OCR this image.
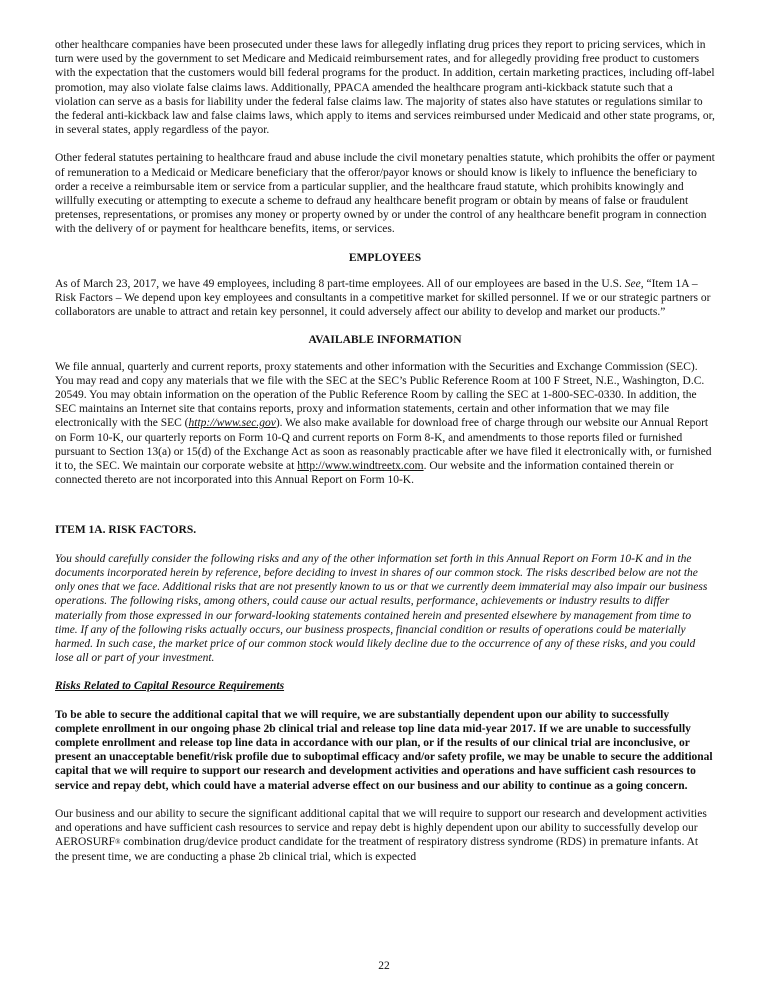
other healthcare companies have been prosecuted under these laws for allegedly inflating drug prices they report to pricing services, which in turn were used by the government to set Medicare and Medicaid reimbursement rates, and for allegedly providing free product to customers with the expectation that the customers would bill federal programs for the product. In addition, certain marketing practices, including off-label promotion, may also violate false claims laws. Additionally, PPACA amended the healthcare program anti-kickback statute such that a violation can serve as a basis for liability under the federal false claims law. The majority of states also have statutes or regulations similar to the federal anti-kickback law and false claims laws, which apply to items and services reimbursed under Medicaid and other state programs, or, in several states, apply regardless of the payor.

Other federal statutes pertaining to healthcare fraud and abuse include the civil monetary penalties statute, which prohibits the offer or payment of remuneration to a Medicaid or Medicare beneficiary that the offeror/payor knows or should know is likely to influence the beneficiary to order a receive a reimbursable item or service from a particular supplier, and the healthcare fraud statute, which prohibits knowingly and willfully executing or attempting to execute a scheme to defraud any healthcare benefit program or obtain by means of false or fraudulent pretenses, representations, or promises any money or property owned by or under the control of any healthcare benefit program in connection with the delivery of or payment for healthcare benefits, items, or services.

EMPLOYEES

As of March 23, 2017, we have 49 employees, including 8 part-time employees. All of our employees are based in the U.S. See, “Item 1A – Risk Factors – We depend upon key employees and consultants in a competitive market for skilled personnel. If we or our strategic partners or collaborators are unable to attract and retain key personnel, it could adversely affect our ability to develop and market our products.”

AVAILABLE INFORMATION

We file annual, quarterly and current reports, proxy statements and other information with the Securities and Exchange Commission (SEC). You may read and copy any materials that we file with the SEC at the SEC’s Public Reference Room at 100 F Street, N.E., Washington, D.C. 20549. You may obtain information on the operation of the Public Reference Room by calling the SEC at 1-800-SEC-0330. In addition, the SEC maintains an Internet site that contains reports, proxy and information statements, certain and other information that we may file electronically with the SEC (http://www.sec.gov). We also make available for download free of charge through our website our Annual Report on Form 10-K, our quarterly reports on Form 10-Q and current reports on Form 8-K, and amendments to those reports filed or furnished pursuant to Section 13(a) or 15(d) of the Exchange Act as soon as reasonably practicable after we have filed it electronically with, or furnished it to, the SEC. We maintain our corporate website at http://www.windtreetx.com. Our website and the information contained therein or connected thereto are not incorporated into this Annual Report on Form 10-K.

ITEM 1A. RISK FACTORS.

You should carefully consider the following risks and any of the other information set forth in this Annual Report on Form 10-K and in the documents incorporated herein by reference, before deciding to invest in shares of our common stock. The risks described below are not the only ones that we face. Additional risks that are not presently known to us or that we currently deem immaterial may also impair our business operations. The following risks, among others, could cause our actual results, performance, achievements or industry results to differ materially from those expressed in our forward-looking statements contained herein and presented elsewhere by management from time to time. If any of the following risks actually occurs, our business prospects, financial condition or results of operations could be materially harmed. In such case, the market price of our common stock would likely decline due to the occurrence of any of these risks, and you could lose all or part of your investment.

Risks Related to Capital Resource Requirements

To be able to secure the additional capital that we will require, we are substantially dependent upon our ability to successfully complete enrollment in our ongoing phase 2b clinical trial and release top line data mid-year 2017. If we are unable to successfully complete enrollment and release top line data in accordance with our plan, or if the results of our clinical trial are inconclusive, or present an unacceptable benefit/risk profile due to suboptimal efficacy and/or safety profile, we may be unable to secure the additional capital that we will require to support our research and development activities and operations and have sufficient cash resources to service and repay debt, which could have a material adverse effect on our business and our ability to continue as a going concern.

Our business and our ability to secure the significant additional capital that we will require to support our research and development activities and operations and have sufficient cash resources to service and repay debt is highly dependent upon our ability to successfully develop our AEROSURF® combination drug/device product candidate for the treatment of respiratory distress syndrome (RDS) in premature infants. At the present time, we are conducting a phase 2b clinical trial, which is expected

22
